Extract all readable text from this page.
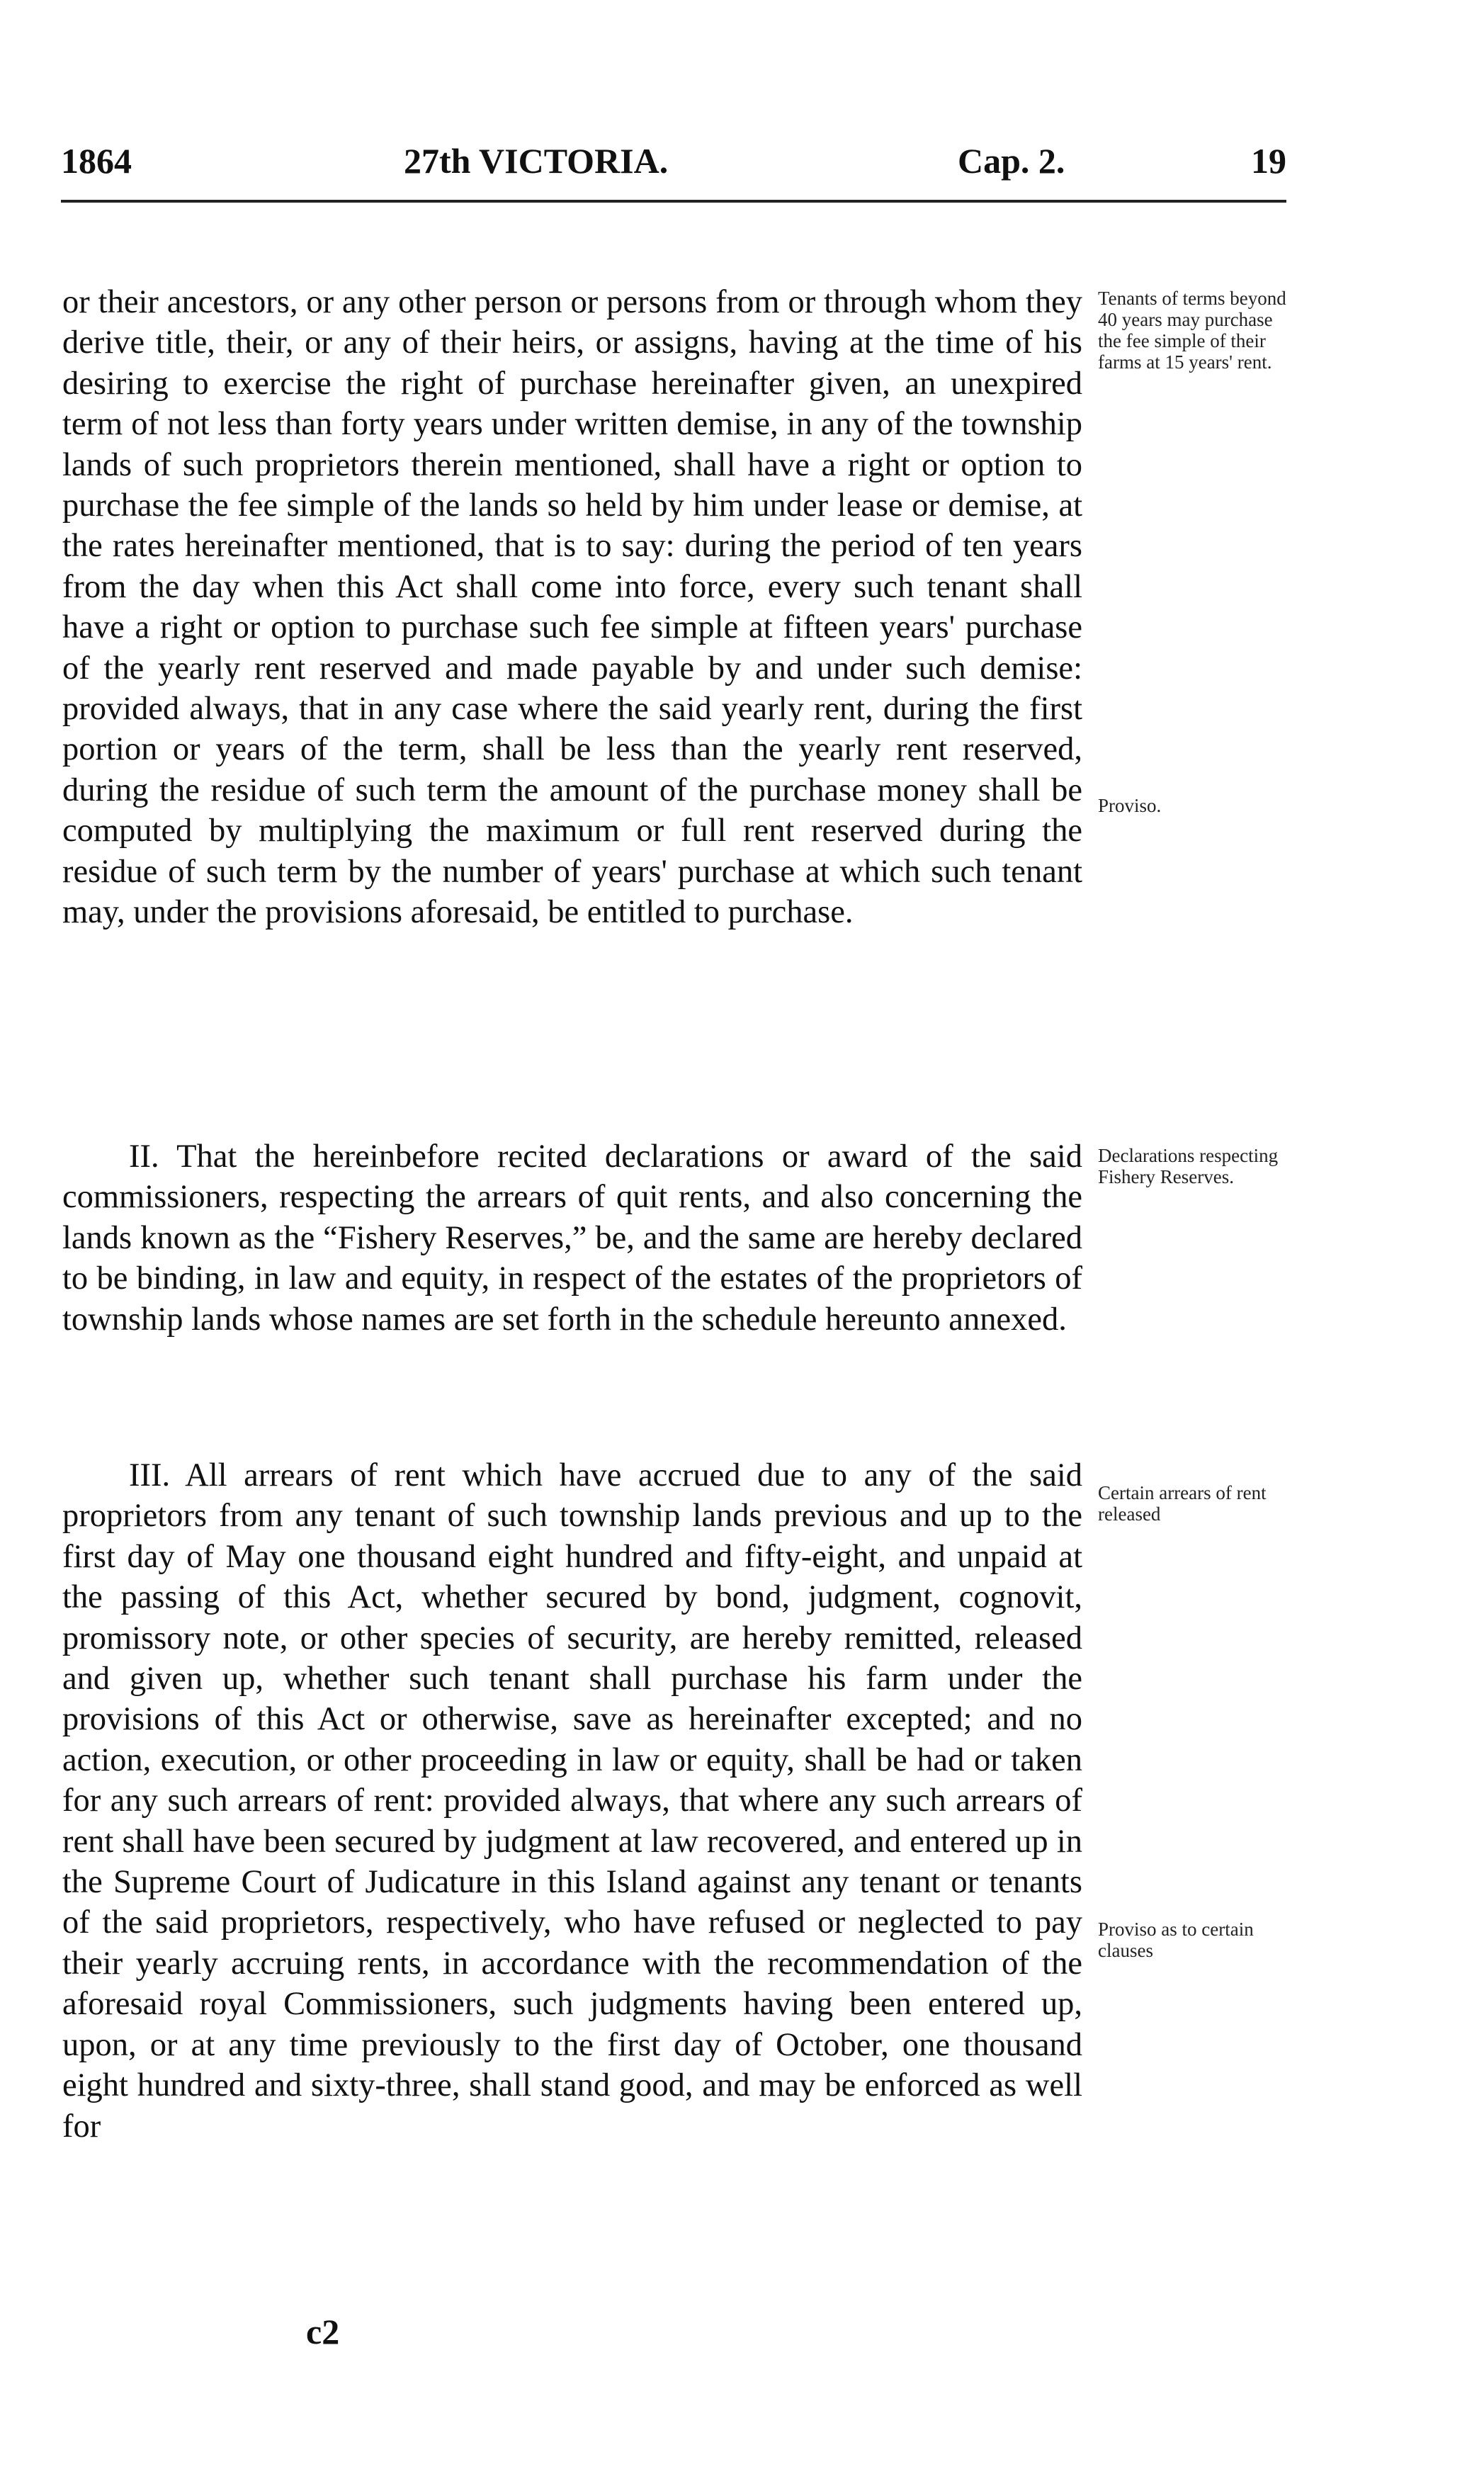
1864	27th VICTORIA.	Cap. 2.	19

or their ancestors, or any other person or persons from or through whom they derive title, their, or any of their heirs, or assigns, having at the time of his desiring to exercise the right of purchase hereinafter given, an unexpired term of not less than forty years under written demise, in any of the township lands of such proprietors therein mentioned, shall have a right or option to purchase the fee simple of the lands so held by him under lease or demise, at the rates hereinafter mentioned, that is to say: during the period of ten years from the day when this Act shall come into force, every such tenant shall have a right or option to purchase such fee simple at fifteen years' purchase of the yearly rent reserved and made payable by and under such demise: provided always, that in any case where the said yearly rent, during the first portion or years of the term, shall be less than the yearly rent reserved, during the residue of such term the amount of the purchase money shall be computed by multiplying the maximum or full rent reserved during the residue of such term by the number of years' purchase at which such tenant may, under the provisions aforesaid, be entitled to purchase.

II. That the hereinbefore recited declarations or award of the said commissioners, respecting the arrears of quit rents, and also concerning the lands known as the “Fishery Reserves,” be, and the same are hereby declared to be binding, in law and equity, in respect of the estates of the proprietors of township lands whose names are set forth in the schedule hereunto annexed.

III. All arrears of rent which have accrued due to any of the said proprietors from any tenant of such township lands previous and up to the first day of May one thousand eight hundred and fifty-eight, and unpaid at the passing of this Act, whether secured by bond, judgment, cognovit, promissory note, or other species of security, are hereby remitted, released and given up, whether such tenant shall purchase his farm under the provisions of this Act or otherwise, save as hereinafter excepted; and no action, execution, or other proceeding in law or equity, shall be had or taken for any such arrears of rent: provided always, that where any such arrears of rent shall have been secured by judgment at law recovered, and entered up in the Supreme Court of Judicature in this Island against any tenant or tenants of the said proprietors, respectively, who have refused or neglected to pay their yearly accruing rents, in accordance with the recommendation of the aforesaid royal Commissioners, such judgments having been entered up, upon, or at any time previously to the first day of October, one thousand eight hundred and sixty-three, shall stand good, and may be enforced as well for

Tenants of terms beyond 40 years may purchase the fee simple of their farms at 15 years' rent.

Proviso.

Declarations respecting Fishery Reserves.

Certain arrears of rent released

Proviso as to certain clauses

c2
